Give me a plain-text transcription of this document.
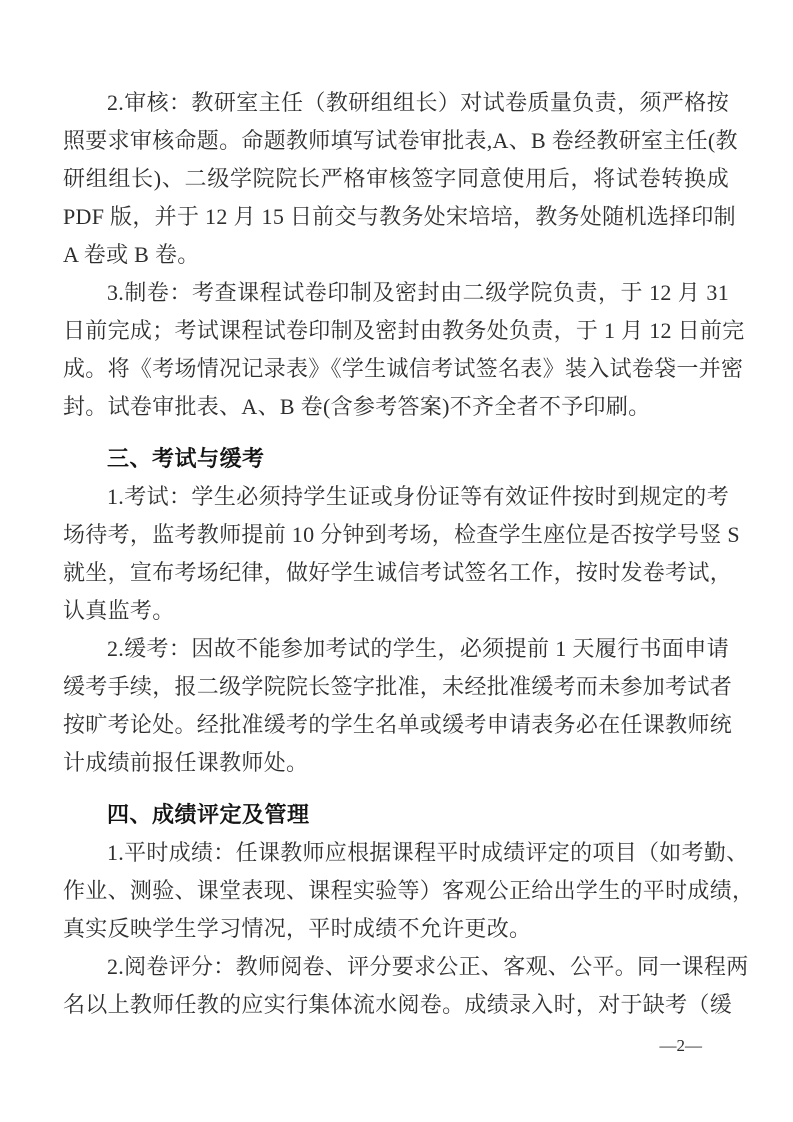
2.审核：教研室主任（教研组组长）对试卷质量负责，须严格按
照要求审核命题。命题教师填写试卷审批表,A、B 卷经教研室主任(教
研组组长)、二级学院院长严格审核签字同意使用后，将试卷转换成
PDF 版，并于 12 月 15 日前交与教务处宋培培，教务处随机选择印制
A 卷或 B 卷。
3.制卷：考查课程试卷印制及密封由二级学院负责，于 12 月 31
日前完成；考试课程试卷印制及密封由教务处负责，于 1 月 12 日前完
成。将《考场情况记录表》《学生诚信考试签名表》装入试卷袋一并密
封。试卷审批表、A、B 卷(含参考答案)不齐全者不予印刷。
三、考试与缓考
1.考试：学生必须持学生证或身份证等有效证件按时到规定的考
场待考，监考教师提前 10 分钟到考场，检查学生座位是否按学号竖 S
就坐，宣布考场纪律，做好学生诚信考试签名工作，按时发卷考试，
认真监考。
2.缓考：因故不能参加考试的学生，必须提前 1 天履行书面申请
缓考手续，报二级学院院长签字批准，未经批准缓考而未参加考试者
按旷考论处。经批准缓考的学生名单或缓考申请表务必在任课教师统
计成绩前报任课教师处。
四、成绩评定及管理
1.平时成绩：任课教师应根据课程平时成绩评定的项目（如考勤、
作业、测验、课堂表现、课程实验等）客观公正给出学生的平时成绩，
真实反映学生学习情况，平时成绩不允许更改。
2.阅卷评分：教师阅卷、评分要求公正、客观、公平。同一课程两
名以上教师任教的应实行集体流水阅卷。成绩录入时，对于缺考（缓
—2—
